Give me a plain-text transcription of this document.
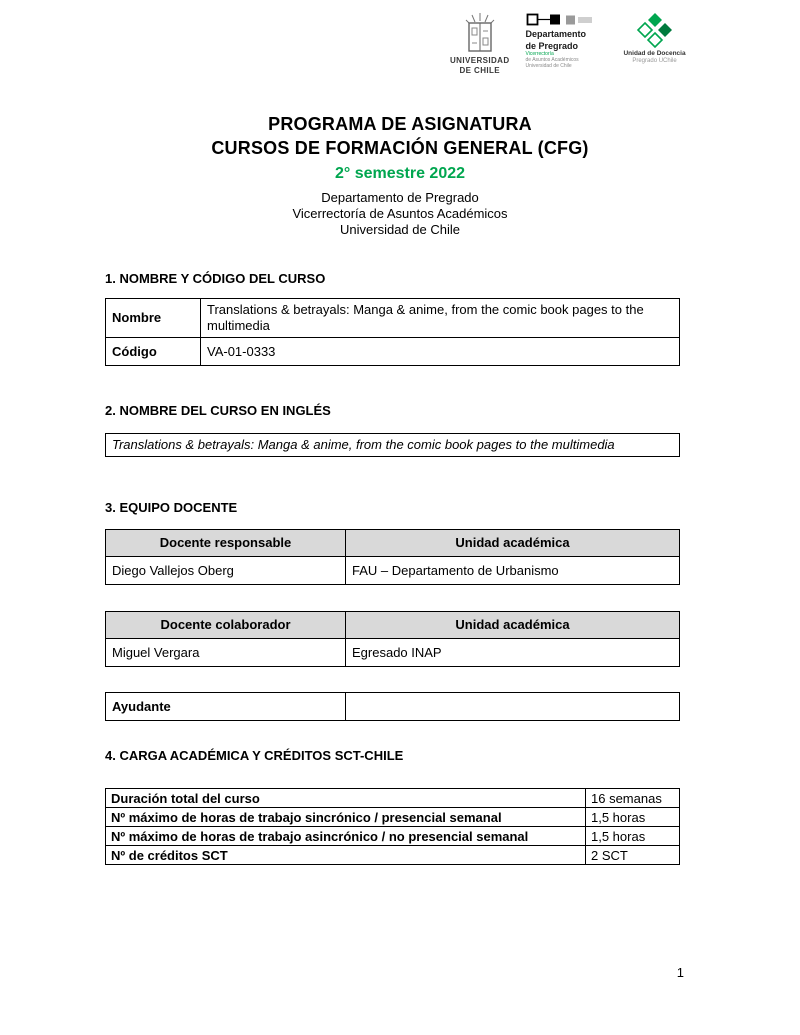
UNIVERSIDAD
DE CHILE
Departamento
de Pregrado
Vicerrectoría
de Asuntos Académicos
Universidad de Chile
Unidad de Docencia
Pregrado UChile
PROGRAMA DE ASIGNATURA
CURSOS DE FORMACIÓN GENERAL (CFG)
2° semestre 2022
Departamento de Pregrado
Vicerrectoría de Asuntos Académicos
Universidad de Chile
1. NOMBRE Y CÓDIGO DEL CURSO
Nombre	Translations & betrayals: Manga & anime, from the comic book pages to the multimedia
Código	VA-01-0333
2. NOMBRE DEL CURSO EN INGLÉS
Translations & betrayals: Manga & anime, from the comic book pages to the multimedia
3. EQUIPO DOCENTE
Docente responsable	Unidad académica
Diego Vallejos Oberg	FAU – Departamento de Urbanismo
Docente colaborador	Unidad académica
Miguel Vergara	Egresado INAP
Ayudante	
4. CARGA ACADÉMICA Y CRÉDITOS SCT-CHILE
Duración total del curso	16 semanas
Nº máximo de horas de trabajo sincrónico / presencial semanal	1,5 horas
Nº máximo de horas de trabajo asincrónico / no presencial semanal	1,5 horas
Nº de créditos SCT	2 SCT
1
